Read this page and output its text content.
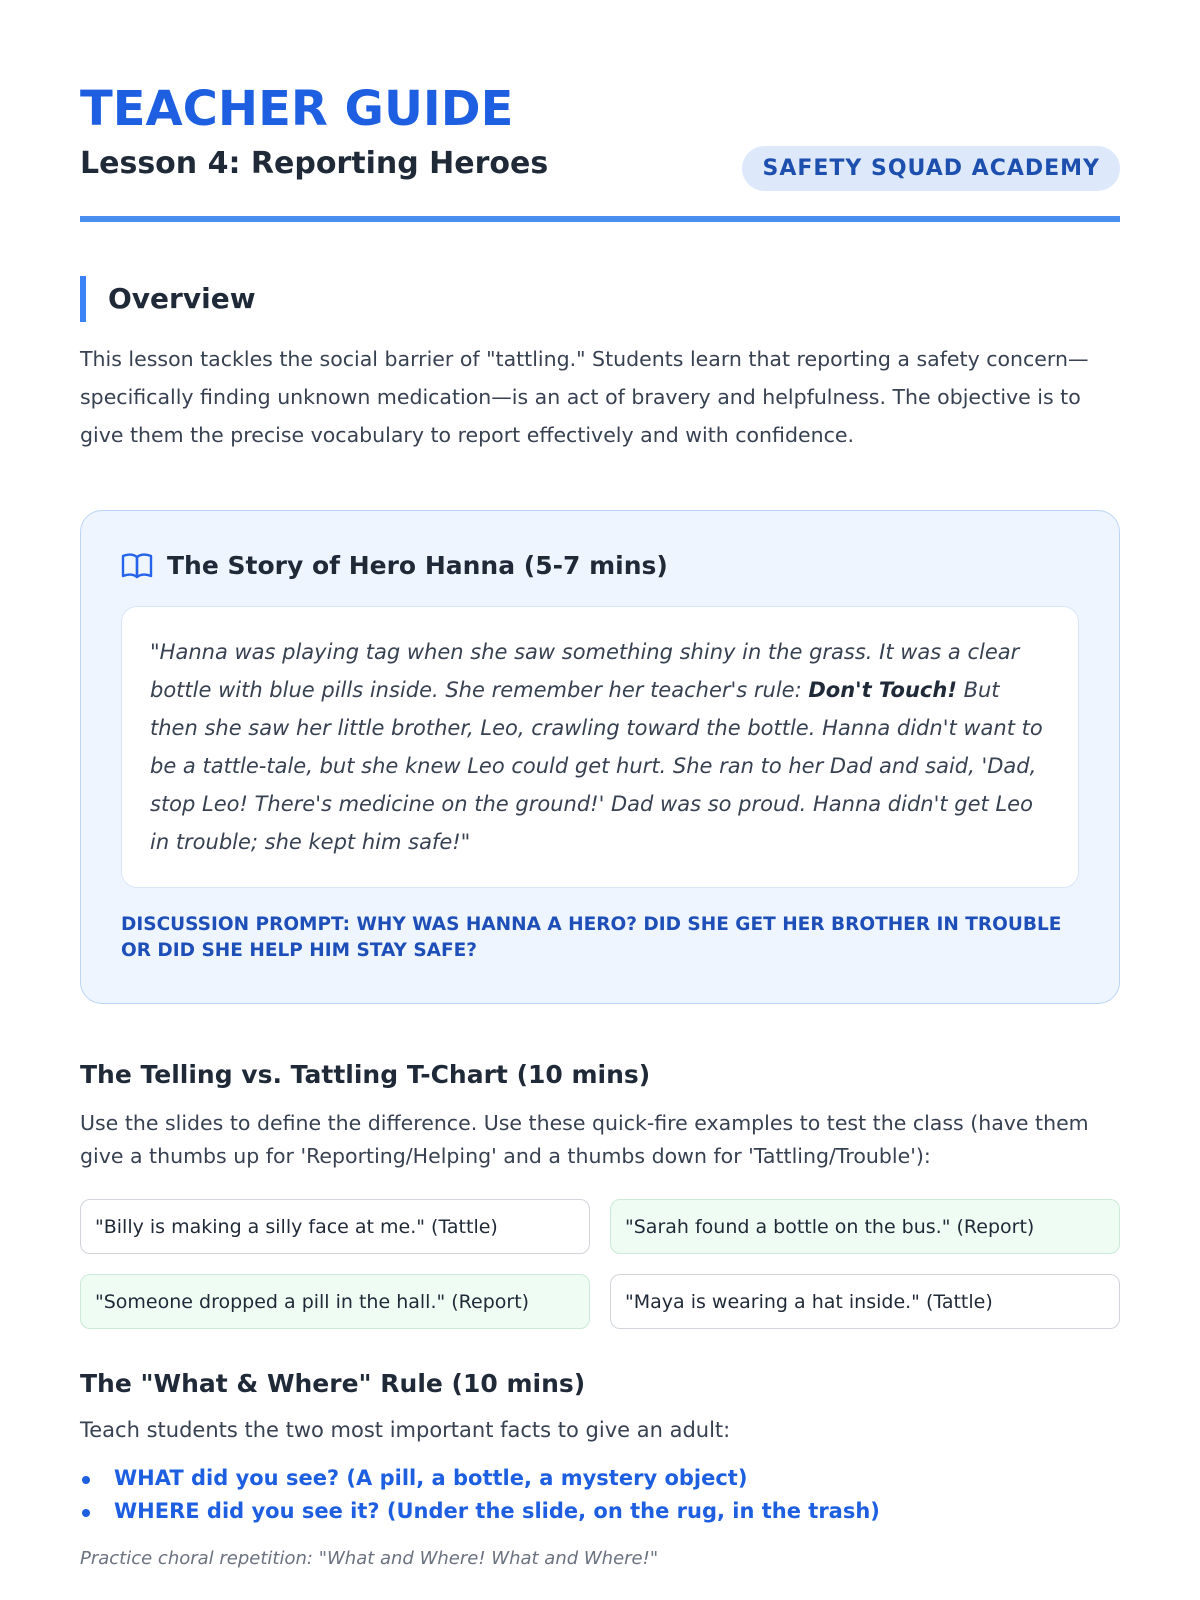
TEACHER GUIDE
Lesson 4: Reporting Heroes	SAFETY SQUAD ACADEMY
Overview

This lesson tackles the social barrier of "tattling." Students learn that reporting a safety concern—specifically finding unknown medication—is an act of bravery and helpfulness. The objective is to give them the precise vocabulary to report effectively and with confidence.

The Story of Hero Hanna (5-7 mins)
"Hanna was playing tag when she saw something shiny in the grass. It was a clear bottle with blue pills inside. She remember her teacher's rule: Don't Touch! But then she saw her little brother, Leo, crawling toward the bottle. Hanna didn't want to be a tattle-tale, but she knew Leo could get hurt. She ran to her Dad and said, 'Dad, stop Leo! There's medicine on the ground!' Dad was so proud. Hanna didn't get Leo in trouble; she kept him safe!"
DISCUSSION PROMPT: WHY WAS HANNA A HERO? DID SHE GET HER BROTHER IN TROUBLE OR DID SHE HELP HIM STAY SAFE?
The Telling vs. Tattling T-Chart (10 mins)
Use the slides to define the difference. Use these quick-fire examples to test the class (have them give a thumbs up for 'Reporting/Helping' and a thumbs down for 'Tattling/Trouble'):
"Billy is making a silly face at me." (Tattle)	"Sarah found a bottle on the bus." (Report)
"Someone dropped a pill in the hall." (Report)	"Maya is wearing a hat inside." (Tattle)
The "What & Where" Rule (10 mins)
Teach students the two most important facts to give an adult:
WHAT did you see? (A pill, a bottle, a mystery object)
WHERE did you see it? (Under the slide, on the rug, in the trash)
Practice choral repetition: "What and Where! What and Where!"
